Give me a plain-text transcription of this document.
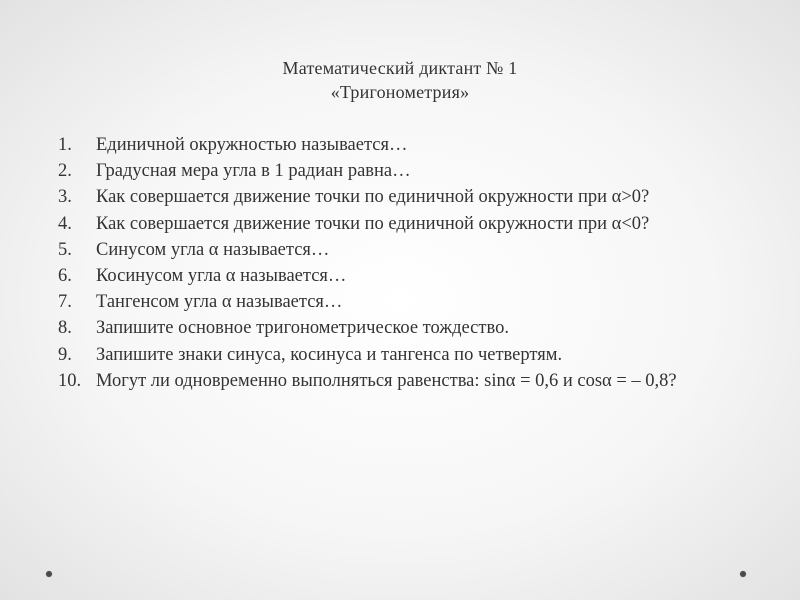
Математический диктант № 1
«Тригонометрия»
1.	Единичной окружностью называется…
2.	Градусная мера угла в 1 радиан равна…
3.	Как совершается движение точки по единичной окружности при α>0?
4.	Как совершается движение точки по единичной окружности при α<0?
5.	Синусом угла α называется…
6.	Косинусом угла α называется…
7.	Тангенсом угла α называется…
8.	Запишите основное тригонометрическое тождество.
9.	Запишите знаки синуса, косинуса и тангенса по четвертям.
10. Могут ли одновременно выполняться равенства: sinα = 0,6 и cosα = – 0,8?
